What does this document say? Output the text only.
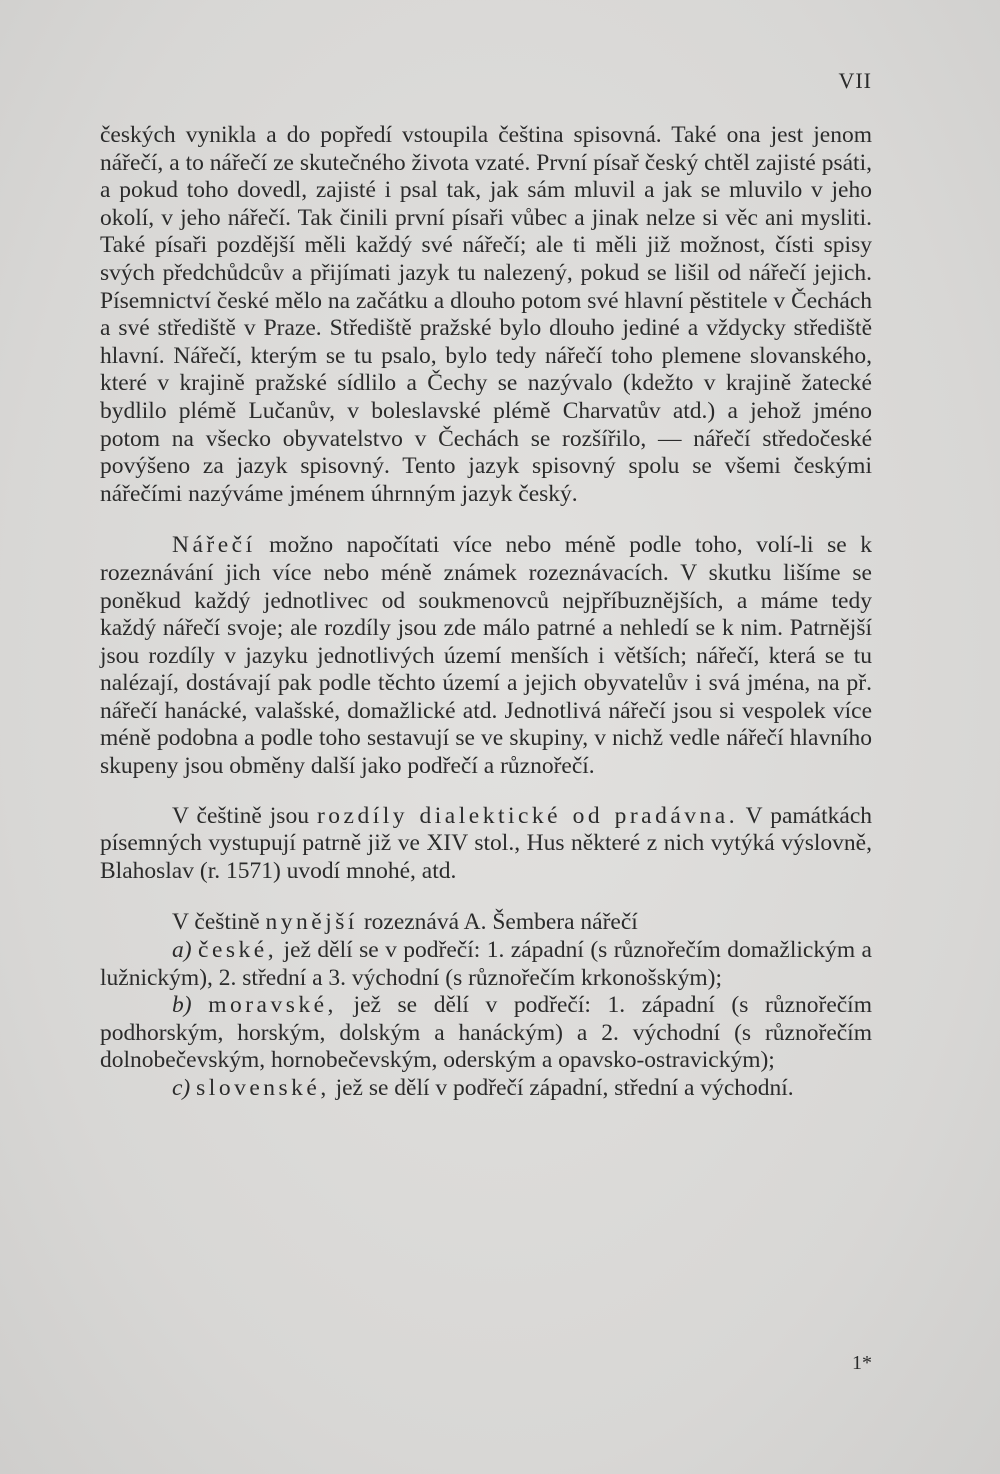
VII

českých vynikla a do popředí vstoupila čeština spisovná. Také ona jest jenom nářečí, a to nářečí ze skutečného života vzaté. První písař český chtěl zajisté psáti, a pokud toho dovedl, zajisté i psal tak, jak sám mluvil a jak se mluvilo v jeho okolí, v jeho nářečí. Tak činili první písaři vůbec a jinak nelze si věc ani mysliti. Také písaři pozdější měli každý své nářečí; ale ti měli již možnost, čísti spisy svých předchůdcův a přijímati jazyk tu nalezený, pokud se lišil od nářečí jejich. Písemnictví české mělo na začátku a dlouho potom své hlavní pěstitele v Čechách a své střediště v Praze. Střediště pražské bylo dlouho jediné a vždycky střediště hlavní. Nářečí, kterým se tu psalo, bylo tedy nářečí toho plemene slovanského, které v krajině pražské sídlilo a Čechy se nazývalo (kdežto v krajině žatecké bydlilo plémě Lučanův, v boleslavské plémě Charvatův atd.) a jehož jméno potom na všecko obyvatelstvo v Čechách se rozšířilo, — nářečí středočeské povýšeno za jazyk spisovný. Tento jazyk spisovný spolu se všemi českými nářečími nazýváme jménem úhrnným jazyk český.

Nářečí možno napočítati více nebo méně podle toho, volí-li se k rozeznávání jich více nebo méně známek rozeznávacích. V skutku lišíme se poněkud každý jednotlivec od soukmenovců nejpříbuznějších, a máme tedy každý nářečí svoje; ale rozdíly jsou zde málo patrné a nehledí se k nim. Patrnější jsou rozdíly v jazyku jednotlivých území menších i větších; nářečí, která se tu nalézají, dostávají pak podle těchto území a jejich obyvatelův i svá jména, na př. nářečí hanácké, valašské, domažlické atd. Jednotlivá nářečí jsou si vespolek více méně podobna a podle toho sestavují se ve skupiny, v nichž vedle nářečí hlavního skupeny jsou obměny další jako podřečí a různořečí.

V češtině jsou rozdíly dialektické od pradávna. V památkách písemných vystupují patrně již ve XIV stol., Hus některé z nich vytýká výslovně, Blahoslav (r. 1571) uvodí mnohé, atd.

V češtině nynější rozeznává A. Šembera nářečí

a) české, jež dělí se v podřečí: 1. západní (s různořečím domažlickým a lužnickým), 2. střední a 3. východní (s různořečím krkonošským);

b) moravské, jež se dělí v podřečí: 1. západní (s různořečím podhorským, horským, dolským a hanáckým) a 2. východní (s různořečím dolnobečevským, hornobečevským, oderským a opavsko-ostravickým);

c) slovenské, jež se dělí v podřečí západní, střední a východní.

1*
